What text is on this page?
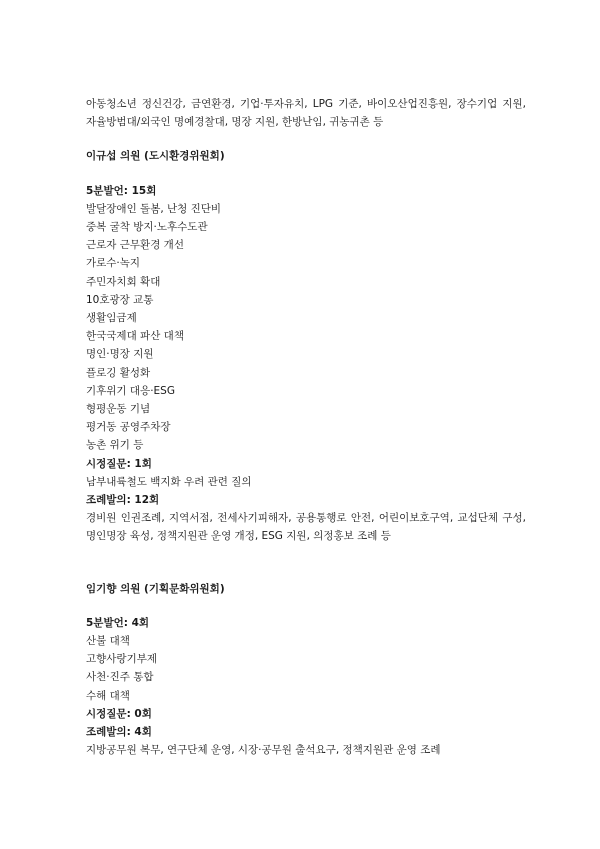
아동청소년 정신건강, 금연환경, 기업·투자유치, LPG 기준, 바이오산업진흥원, 장수기업 지원, 자율방범대/외국인 명예경찰대, 명장 지원, 한방난임, 귀농귀촌 등
이규섭 의원 (도시환경위원회)
5분발언: 15회
발달장애인 돌봄, 난청 진단비
중복 굴착 방지·노후수도관
근로자 근무환경 개선
가로수·녹지
주민자치회 확대
10호광장 교통
생활임금제
한국국제대 파산 대책
명인·명장 지원
플로깅 활성화
기후위기 대응·ESG
형평운동 기념
평거동 공영주차장
농촌 위기 등
시정질문: 1회
남부내륙철도 백지화 우려 관련 질의
조례발의: 12회
경비원 인권조례, 지역서점, 전세사기피해자, 공용통행로 안전, 어린이보호구역, 교섭단체 구성, 명인명장 육성, 정책지원관 운영 개정, ESG 지원, 의정홍보 조례 등
임기향 의원 (기획문화위원회)
5분발언: 4회
산불 대책
고향사랑기부제
사천·진주 통합
수해 대책
시정질문: 0회
조례발의: 4회
지방공무원 복무, 연구단체 운영, 시장·공무원 출석요구, 정책지원관 운영 조례
